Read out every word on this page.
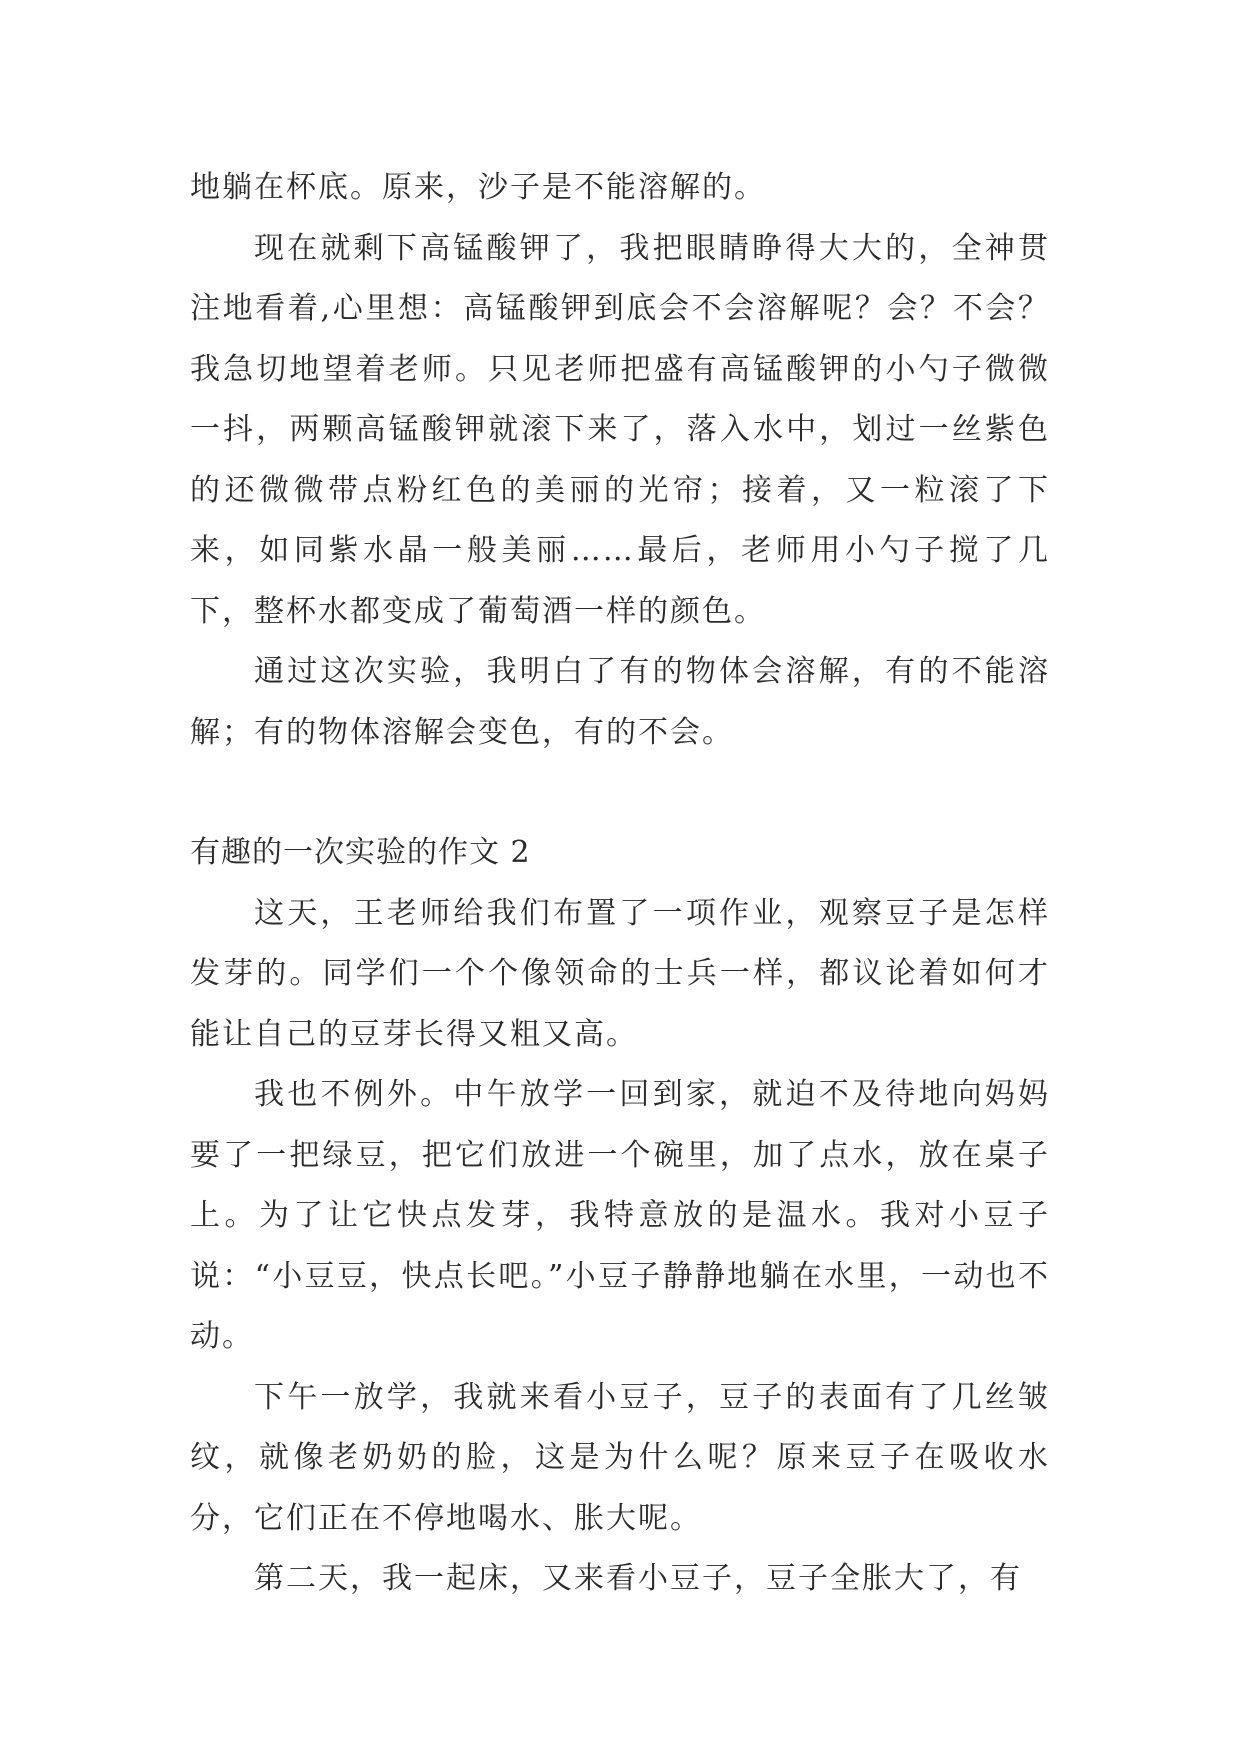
地躺在杯底。原来，沙子是不能溶解的。

现在就剩下高锰酸钾了，我把眼睛睁得大大的，全神贯注地看着,心里想：高锰酸钾到底会不会溶解呢？会？不会？我急切地望着老师。只见老师把盛有高锰酸钾的小勺子微微一抖，两颗高锰酸钾就滚下来了，落入水中，划过一丝紫色的还微微带点粉红色的美丽的光帘；接着，又一粒滚了下来，如同紫水晶一般美丽……最后，老师用小勺子搅了几下，整杯水都变成了葡萄酒一样的颜色。

通过这次实验，我明白了有的物体会溶解，有的不能溶解；有的物体溶解会变色，有的不会。

有趣的一次实验的作文 2

这天，王老师给我们布置了一项作业，观察豆子是怎样发芽的。同学们一个个像领命的士兵一样，都议论着如何才能让自己的豆芽长得又粗又高。

我也不例外。中午放学一回到家，就迫不及待地向妈妈要了一把绿豆，把它们放进一个碗里，加了点水，放在桌子上。为了让它快点发芽，我特意放的是温水。我对小豆子说：“小豆豆，快点长吧。”小豆子静静地躺在水里，一动也不动。

下午一放学，我就来看小豆子，豆子的表面有了几丝皱纹，就像老奶奶的脸，这是为什么呢？原来豆子在吸收水分，它们正在不停地喝水、胀大呢。

第二天，我一起床，又来看小豆子，豆子全胀大了，有
